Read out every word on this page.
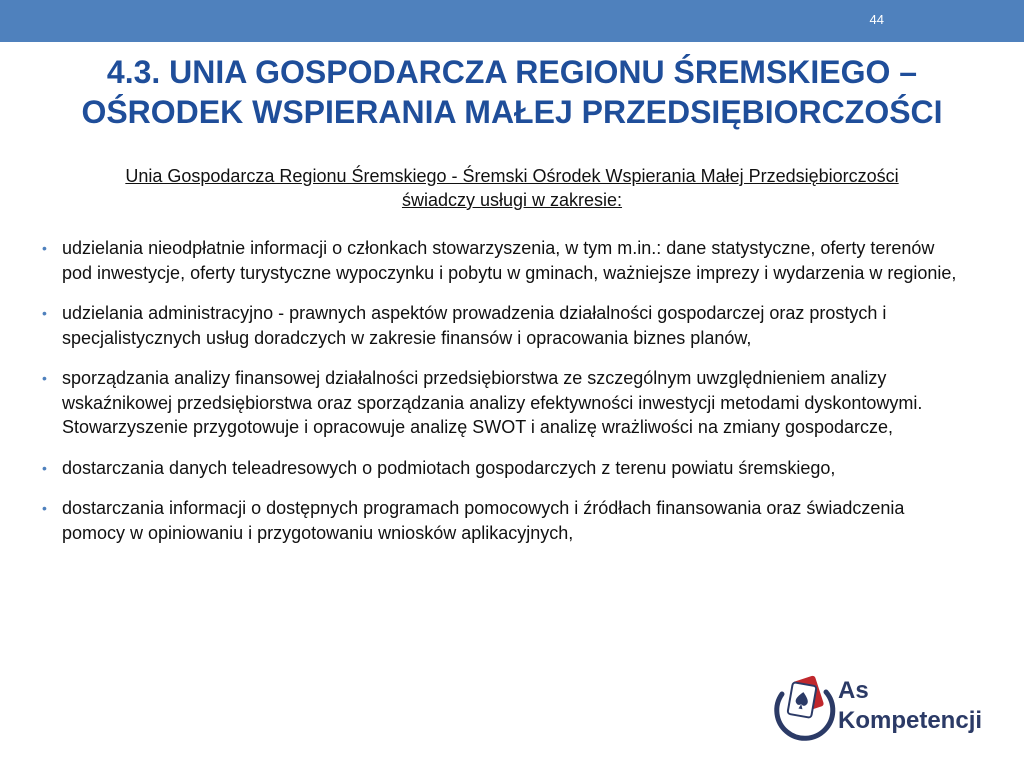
44
4.3. UNIA GOSPODARCZA REGIONU ŚREMSKIEGO –
OŚRODEK WSPIERANIA MAŁEJ PRZEDSIĘBIORCZOŚCI
Unia Gospodarcza Regionu Śremskiego - Śremski Ośrodek Wspierania Małej Przedsiębiorczości
świadczy usługi w zakresie:
• udzielania nieodpłatnie informacji o członkach stowarzyszenia, w tym m.in.: dane statystyczne, oferty terenów pod inwestycje, oferty turystyczne wypoczynku i pobytu w gminach, ważniejsze imprezy i wydarzenia w regionie,
• udzielania administracyjno - prawnych aspektów prowadzenia działalności gospodarczej oraz prostych i specjalistycznych usług doradczych w zakresie finansów i opracowania biznes planów,
• sporządzania analizy finansowej działalności przedsiębiorstwa ze szczególnym uwzględnieniem analizy wskaźnikowej przedsiębiorstwa oraz sporządzania analizy efektywności inwestycji metodami dyskontowymi. Stowarzyszenie przygotowuje i opracowuje analizę SWOT i analizę wrażliwości na zmiany gospodarcze,
• dostarczania danych teleadresowych o podmiotach gospodarczych z terenu powiatu śremskiego,
• dostarczania informacji o dostępnych programach pomocowych i źródłach finansowania oraz świadczenia pomocy w opiniowaniu i przygotowaniu wniosków aplikacyjnych,
As
Kompetencji
